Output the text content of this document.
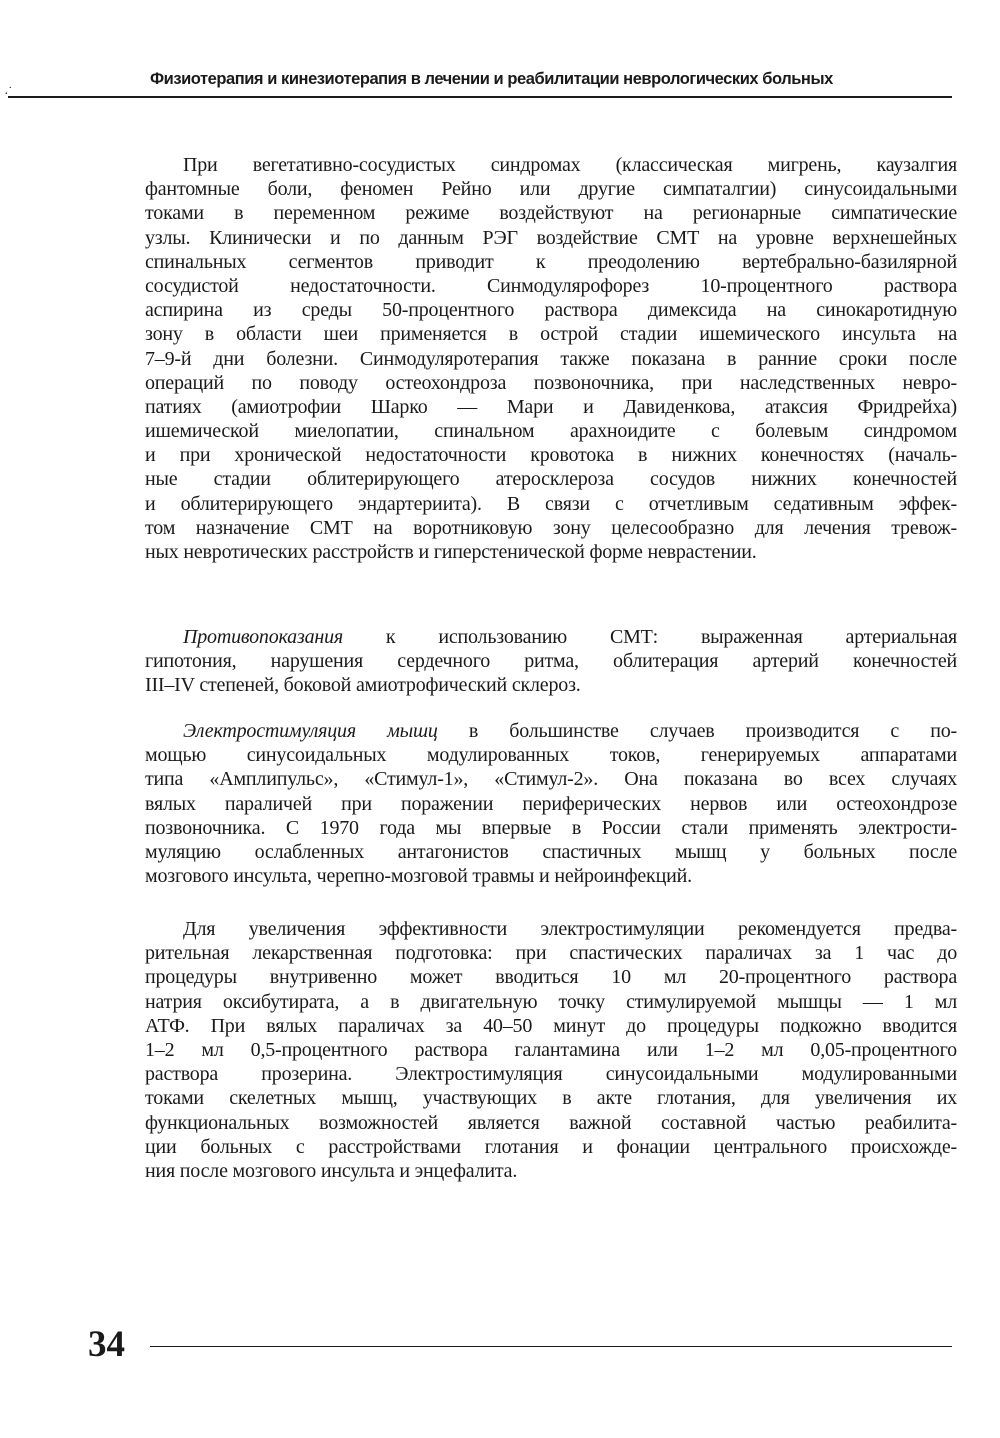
·˙
Физиотерапия и кинезиотерапия в лечении и реабилитации неврологических больных
При вегетативно-сосудистых синдромах (классическая мигрень, каузалгия
фантомные боли, феномен Рейно или другие симпаталгии) синусоидальными
токами в переменном режиме воздействуют на регионарные симпатические
узлы. Клинически и по данным РЭГ воздействие СМТ на уровне верхнешейных
спинальных сегментов приводит к преодолению вертебрально-базилярной
сосудистой недостаточности. Синмодулярофорез 10-процентного раствора
аспирина из среды 50-процентного раствора димексида на синокаротидную
зону в области шеи применяется в острой стадии ишемического инсульта на
7–9-й дни болезни. Синмодулярoтерапия также показана в ранние сроки после
операций по поводу остеохондроза позвоночника, при наследственных невро-
патиях (амиотрофии Шарко — Мари и Давиденкова, атаксия Фридрейха)
ишемической миелопатии, спинальном арахноидите с болевым синдромом
и при хронической недостаточности кровотока в нижних конечностях (началь-
ные стадии облитерирующего атеросклероза сосудов нижних конечностей
и облитерирующего эндартериита). В связи с отчетливым седативным эффек-
том назначение СМТ на воротниковую зону целесообразно для лечения тревож-
ных невротических расстройств и гиперстенической форме неврастении.
Противопоказания к использованию СМТ: выраженная артериальная
гипотония, нарушения сердечного ритма, облитерация артерий конечностей
III–IV степеней, боковой амиотрофический склероз.
Электростимуляция мышц в большинстве случаев производится с по-
мощью синусоидальных модулированных токов, генерируемых аппаратами
типа «Амплипульс», «Стимул-1», «Стимул-2». Она показана во всех случаях
вялых параличей при поражении периферических нервов или остеохондрозе
позвоночника. С 1970 года мы впервые в России стали применять электрости-
муляцию ослабленных антагонистов спастичных мышц у больных после
мозгового инсульта, черепно-мозговой травмы и нейроинфекций.
Для увеличения эффективности электростимуляции рекомендуется предва-
рительная лекарственная подготовка: при спастических параличах за 1 час до
процедуры внутривенно может вводиться 10 мл 20-процентного раствора
натрия оксибутирата, а в двигательную точку стимулируемой мышцы — 1 мл
АТФ. При вялых параличах за 40–50 минут до процедуры подкожно вводится
1–2 мл 0,5-процентного раствора галантамина или 1–2 мл 0,05-процентного
раствора прозерина. Электростимуляция синусоидальными модулированными
токами скелетных мышц, участвующих в акте глотания, для увеличения их
функциональных возможностей является важной составной частью реабилита-
ции больных с расстройствами глотания и фонации центрального происхожде-
ния после мозгового инсульта и энцефалита.
34
